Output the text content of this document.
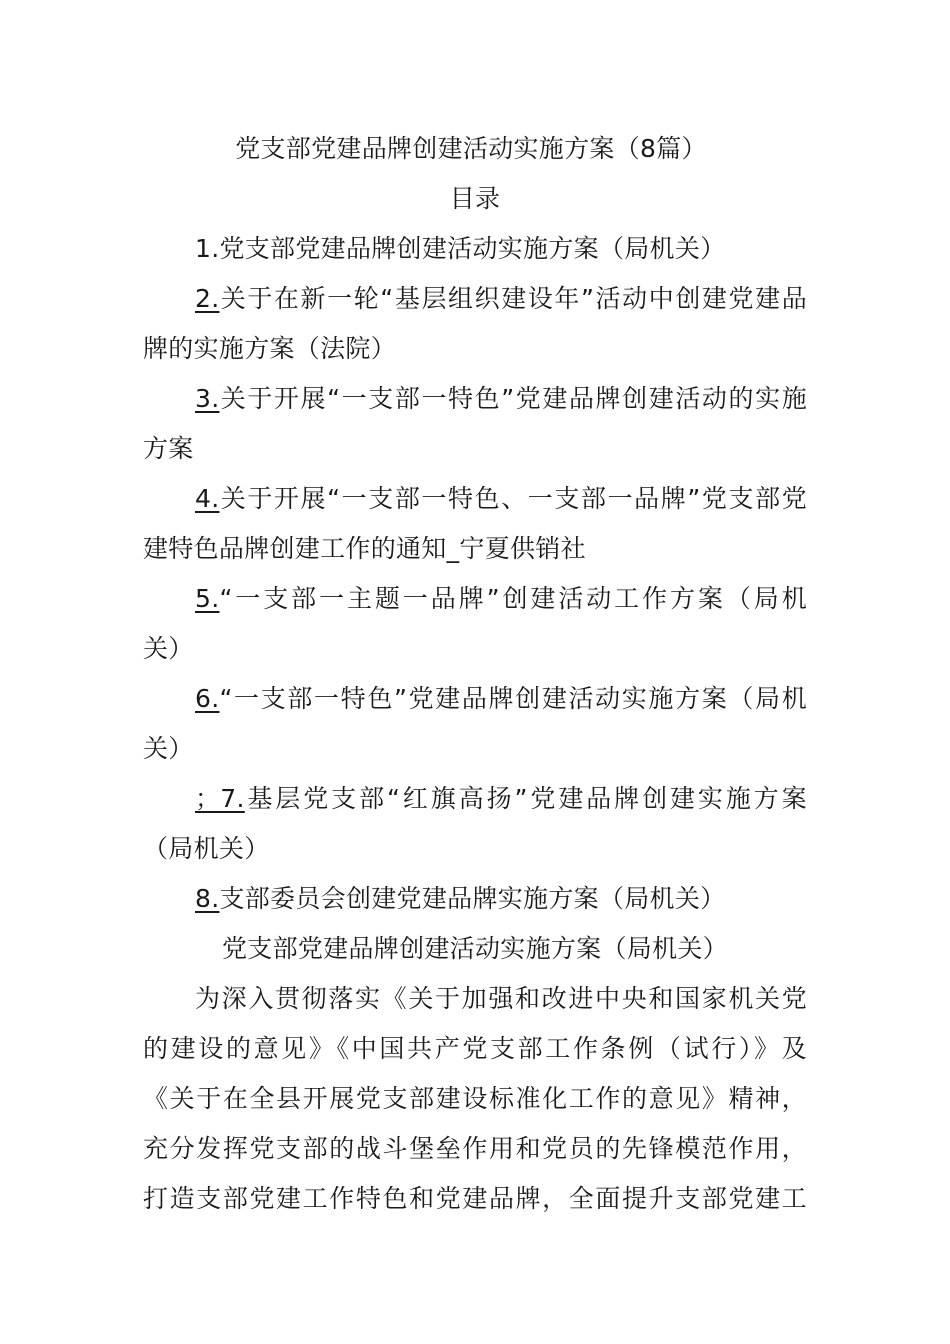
党支部党建品牌创建活动实施方案（8篇）
目录
1.党支部党建品牌创建活动实施方案（局机关）
2.关于在新一轮“基层组织建设年”活动中创建党建品
牌的实施方案（法院）
3.关于开展“一支部一特色”党建品牌创建活动的实施
方案
4.关于开展“一支部一特色、一支部一品牌”党支部党
建特色品牌创建工作的通知_宁夏供销社
5.“一支部一主题一品牌”创建活动工作方案（局机
关）
6.“一支部一特色”党建品牌创建活动实施方案（局机
关）
；7.基层党支部“红旗高扬”党建品牌创建实施方案
（局机关）
8.支部委员会创建党建品牌实施方案（局机关）
党支部党建品牌创建活动实施方案（局机关）
为深入贯彻落实《关于加强和改进中央和国家机关党
的建设的意见》《中国共产党支部工作条例（试行）》及
《关于在全县开展党支部建设标准化工作的意见》精神，
充分发挥党支部的战斗堡垒作用和党员的先锋模范作用，
打造支部党建工作特色和党建品牌，全面提升支部党建工
